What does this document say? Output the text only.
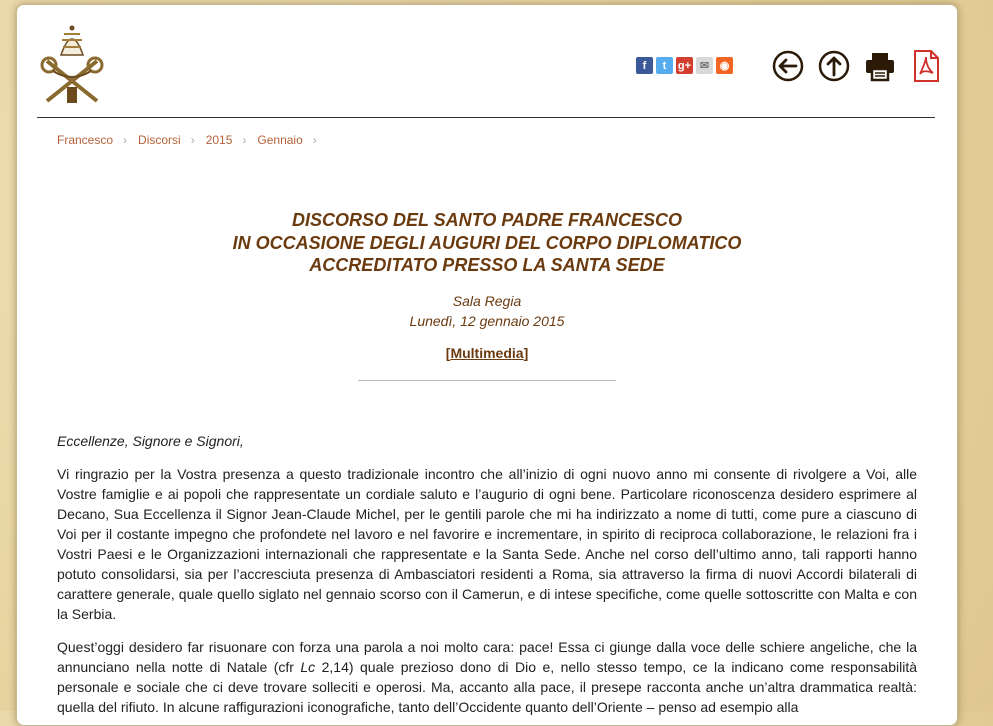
f	t	g+ ✉ ◉
Francesco › Discorsi › 2015 › Gennaio ›
DISCORSO DEL SANTO PADRE FRANCESCO
IN OCCASIONE DEGLI AUGURI DEL CORPO DIPLOMATICO
ACCREDITATO PRESSO LA SANTA SEDE
Sala Regia
Lunedì, 12 gennaio 2015
[Multimedia]

Eccellenze, Signore e Signori,

Vi ringrazio per la Vostra presenza a questo tradizionale incontro che all’inizio di ogni nuovo anno mi consente di rivolgere a Voi, alle Vostre famiglie e ai popoli che rappresentate un cordiale saluto e l’augurio di ogni bene. Particolare riconoscenza desidero esprimere al Decano, Sua Eccellenza il Signor Jean-Claude Michel, per le gentili parole che mi ha indirizzato a nome di tutti, come pure a ciascuno di Voi per il costante impegno che profondete nel lavoro e nel favorire e incrementare, in spirito di reciproca collaborazione, le relazioni fra i Vostri Paesi e le Organizzazioni internazionali che rappresentate e la Santa Sede. Anche nel corso dell’ultimo anno, tali rapporti hanno potuto consolidarsi, sia per l’accresciuta presenza di Ambasciatori residenti a Roma, sia attraverso la firma di nuovi Accordi bilaterali di carattere generale, quale quello siglato nel gennaio scorso con il Camerun, e di intese specifiche, come quelle sottoscritte con Malta e con la Serbia.

Quest’oggi desidero far risuonare con forza una parola a noi molto cara: pace! Essa ci giunge dalla voce delle schiere angeliche, che la annunciano nella notte di Natale (cfr Lc 2,14) quale prezioso dono di Dio e, nello stesso tempo, ce la indicano come responsabilità personale e sociale che ci deve trovare solleciti e operosi. Ma, accanto alla pace, il presepe racconta anche un’altra drammatica realtà: quella del rifiuto. In alcune raffigurazioni iconografiche, tanto dell’Occidente quanto dell’Oriente – penso ad esempio alla
